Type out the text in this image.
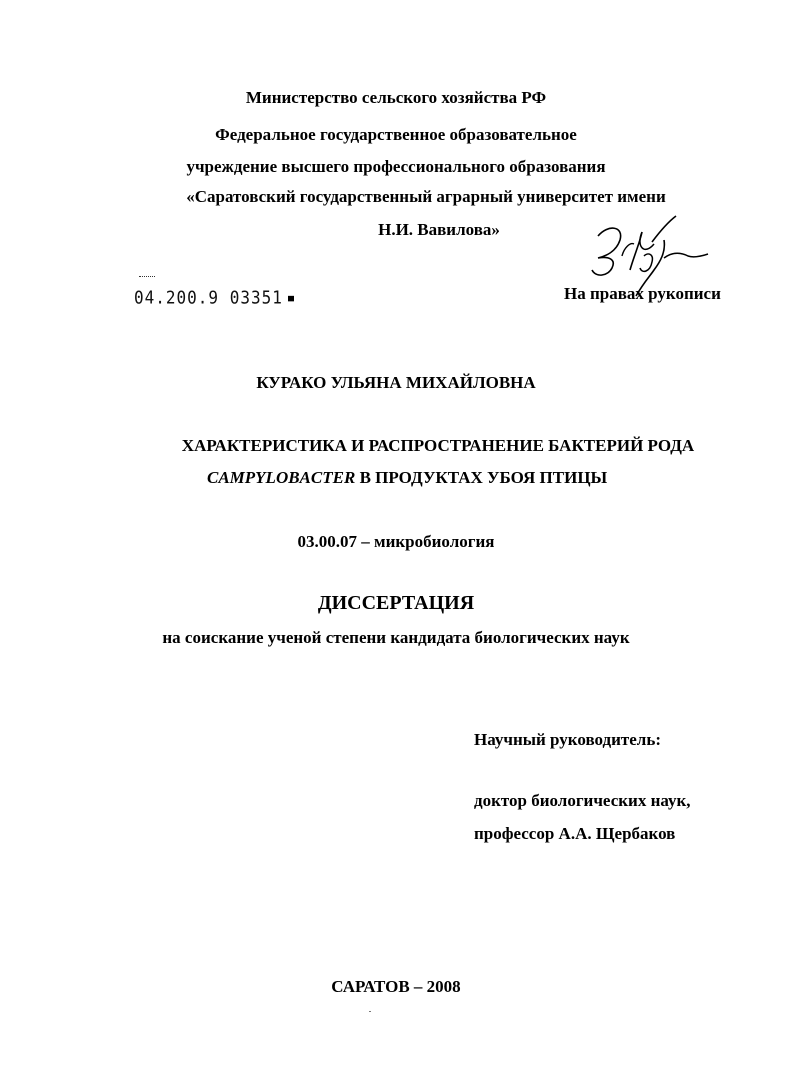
Министерство сельского хозяйства РФ
Федеральное государственное образовательное
учреждение высшего профессионального образования
«Саратовский государственный аграрный университет имени
Н.И. Вавилова»
04.200.9 03351	На правах рукописи
КУРАКО УЛЬЯНА МИХАЙЛОВНА
ХАРАКТЕРИСТИКА И РАСПРОСТРАНЕНИЕ БАКТЕРИЙ РОДА
CAMPYLOBACTER В ПРОДУКТАХ УБОЯ ПТИЦЫ
03.00.07 – микробиология
ДИССЕРТАЦИЯ
на соискание ученой степени кандидата биологических наук
Научный руководитель:
доктор биологических наук,
профессор А.А. Щербаков
САРАТОВ – 2008
